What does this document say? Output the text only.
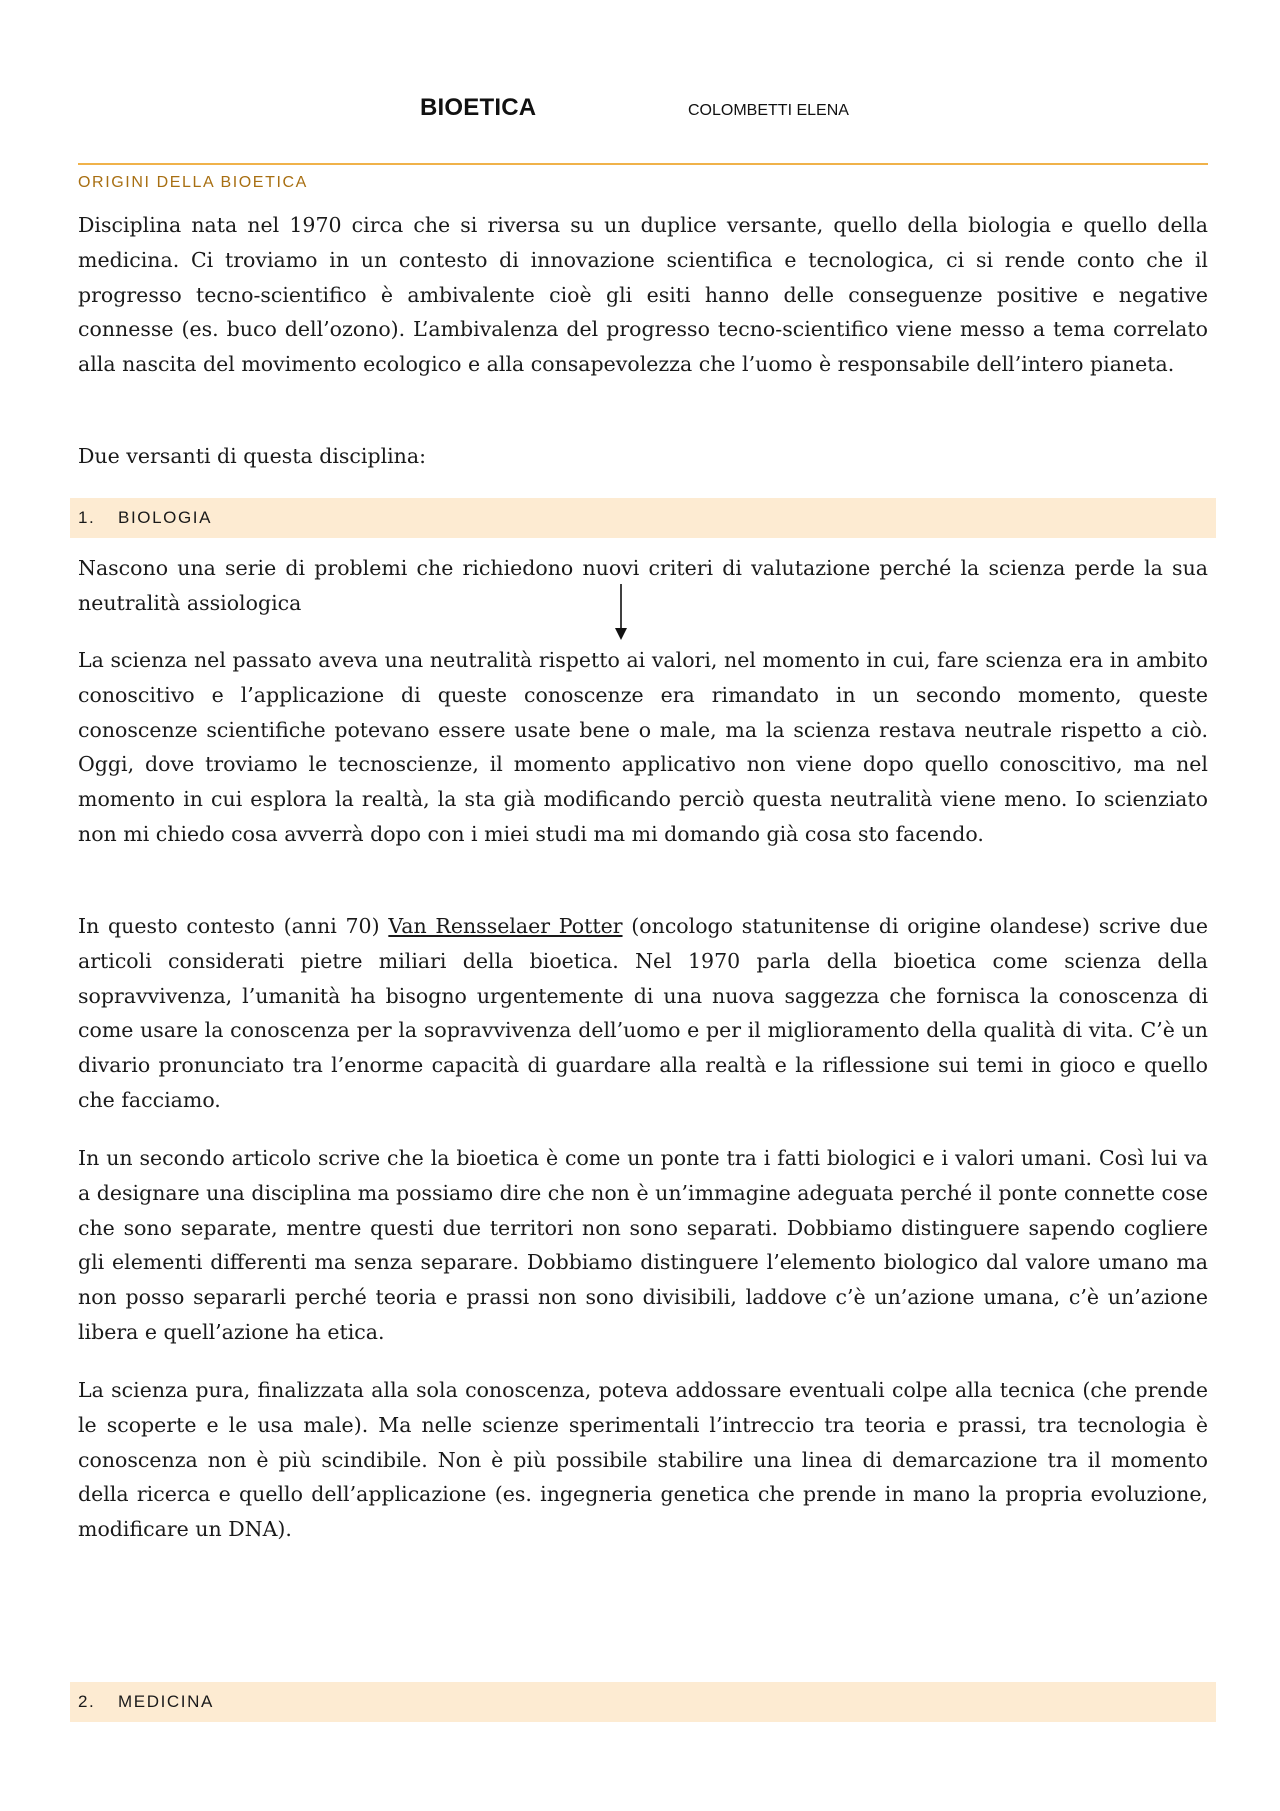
BIOETICA	COLOMBETTI ELENA
ORIGINI DELLA BIOETICA

Disciplina nata nel 1970 circa che si riversa su un duplice versante, quello della biologia e quello della medicina. Ci troviamo in un contesto di innovazione scientifica e tecnologica, ci si rende conto che il progresso tecno-scientifico è ambivalente cioè gli esiti hanno delle conseguenze positive e negative connesse (es. buco dell’ozono). L’ambivalenza del progresso tecno-scientifico viene messo a tema correlato alla nascita del movimento ecologico e alla consapevolezza che l’uomo è responsabile dell’intero pianeta.

Due versanti di questa disciplina:

1. BIOLOGIA

Nascono una serie di problemi che richiedono nuovi criteri di valutazione perché la scienza perde la sua neutralità assiologica

La scienza nel passato aveva una neutralità rispetto ai valori, nel momento in cui, fare scienza era in ambito conoscitivo e l’applicazione di queste conoscenze era rimandato in un secondo momento, queste conoscenze scientifiche potevano essere usate bene o male, ma la scienza restava neutrale rispetto a ciò. Oggi, dove troviamo le tecnoscienze, il momento applicativo non viene dopo quello conoscitivo, ma nel momento in cui esplora la realtà, la sta già modificando perciò questa neutralità viene meno. Io scienziato non mi chiedo cosa avverrà dopo con i miei studi ma mi domando già cosa sto facendo.

In questo contesto (anni 70) Van Rensselaer Potter (oncologo statunitense di origine olandese) scrive due articoli considerati pietre miliari della bioetica. Nel 1970 parla della bioetica come scienza della sopravvivenza, l’umanità ha bisogno urgentemente di una nuova saggezza che fornisca la conoscenza di come usare la conoscenza per la sopravvivenza dell’uomo e per il miglioramento della qualità di vita. C’è un divario pronunciato tra l’enorme capacità di guardare alla realtà e la riflessione sui temi in gioco e quello che facciamo.

In un secondo articolo scrive che la bioetica è come un ponte tra i fatti biologici e i valori umani. Così lui va a designare una disciplina ma possiamo dire che non è un’immagine adeguata perché il ponte connette cose che sono separate, mentre questi due territori non sono separati. Dobbiamo distinguere sapendo cogliere gli elementi differenti ma senza separare. Dobbiamo distinguere l’elemento biologico dal valore umano ma non posso separarli perché teoria e prassi non sono divisibili, laddove c’è un’azione umana, c’è un’azione libera e quell’azione ha etica.

La scienza pura, finalizzata alla sola conoscenza, poteva addossare eventuali colpe alla tecnica (che prende le scoperte e le usa male). Ma nelle scienze sperimentali l’intreccio tra teoria e prassi, tra tecnologia è conoscenza non è più scindibile. Non è più possibile stabilire una linea di demarcazione tra il momento della ricerca e quello dell’applicazione (es. ingegneria genetica che prende in mano la propria evoluzione, modificare un DNA).

2. MEDICINA
